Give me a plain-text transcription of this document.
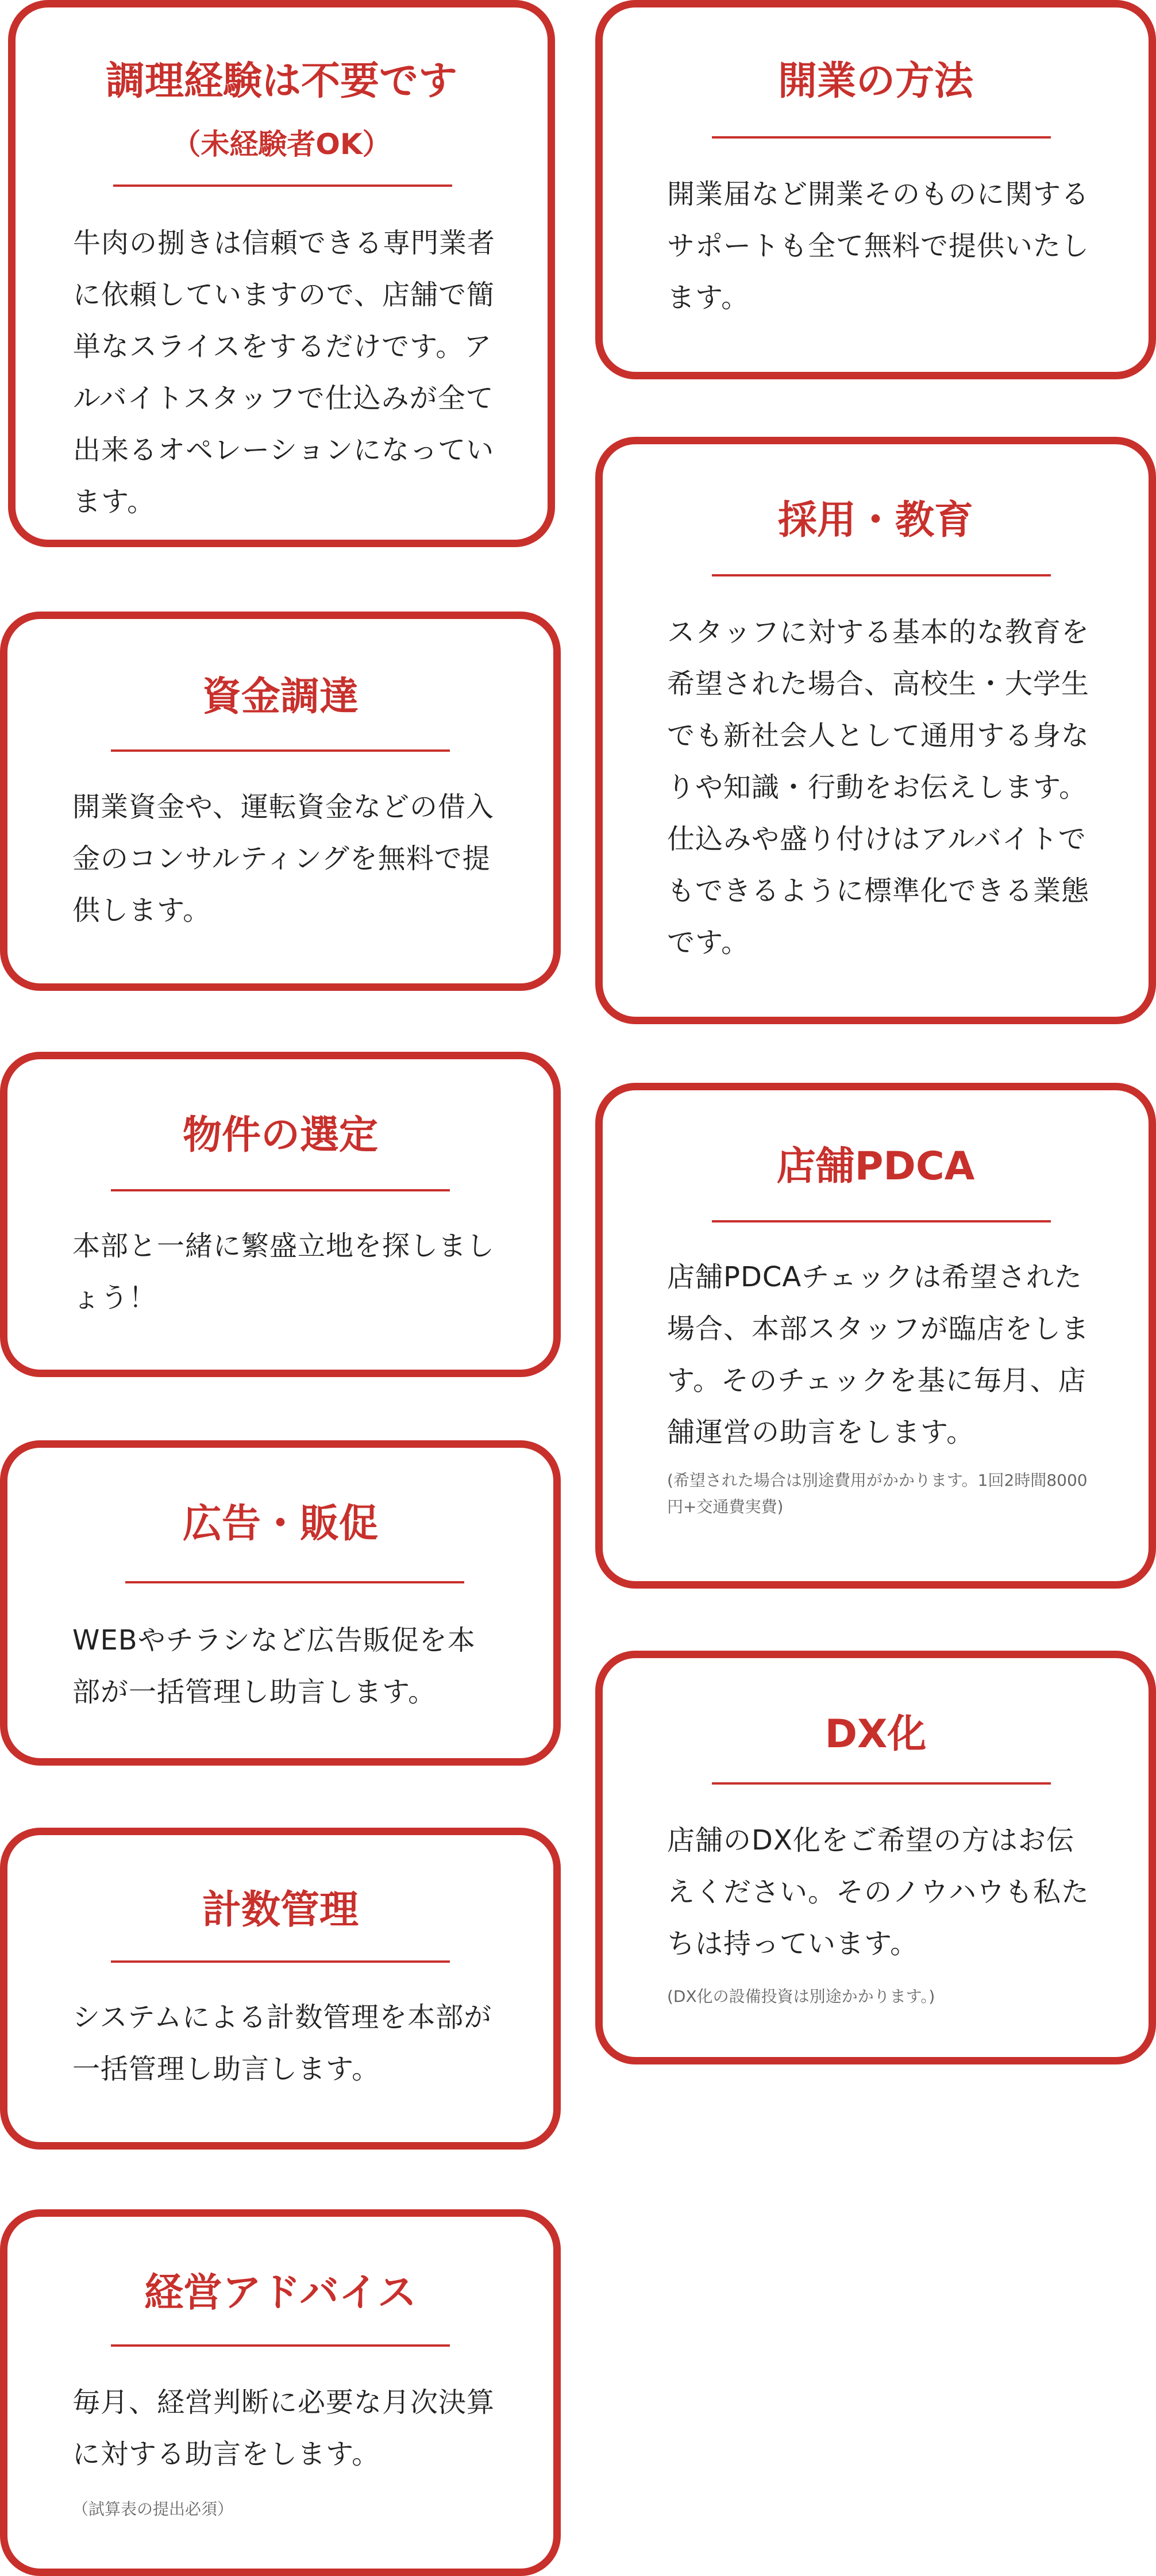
調理経験は不要です
（未経験者OK）
牛肉の捌きは信頼できる専門業者に依頼していますので、店舗で簡単なスライスをするだけです。アルバイトスタッフで仕込みが全て出来るオペレーションになっています。
開業の方法
開業届など開業そのものに関するサポートも全て無料で提供いたします。
資金調達
開業資金や、運転資金などの借入金のコンサルティングを無料で提供します。
採用・教育
スタッフに対する基本的な教育を希望された場合、高校生・大学生でも新社会人として通用する身なりや知識・行動をお伝えします。仕込みや盛り付けはアルバイトでもできるように標準化できる業態です。
物件の選定
本部と一緒に繁盛立地を探しましょう！
店舗PDCA
店舗PDCAチェックは希望された場合、本部スタッフが臨店をします。そのチェックを基に毎月、店舗運営の助言をします。
(希望された場合は別途費用がかかります。1回2時間8000円+交通費実費)
広告・販促
WEBやチラシなど広告販促を本部が一括管理し助言します。
DX化
店舗のDX化をご希望の方はお伝えください。そのノウハウも私たちは持っています。
(DX化の設備投資は別途かかります。)
計数管理
システムによる計数管理を本部が一括管理し助言します。
経営アドバイス
毎月、経営判断に必要な月次決算に対する助言をします。
（試算表の提出必須）
